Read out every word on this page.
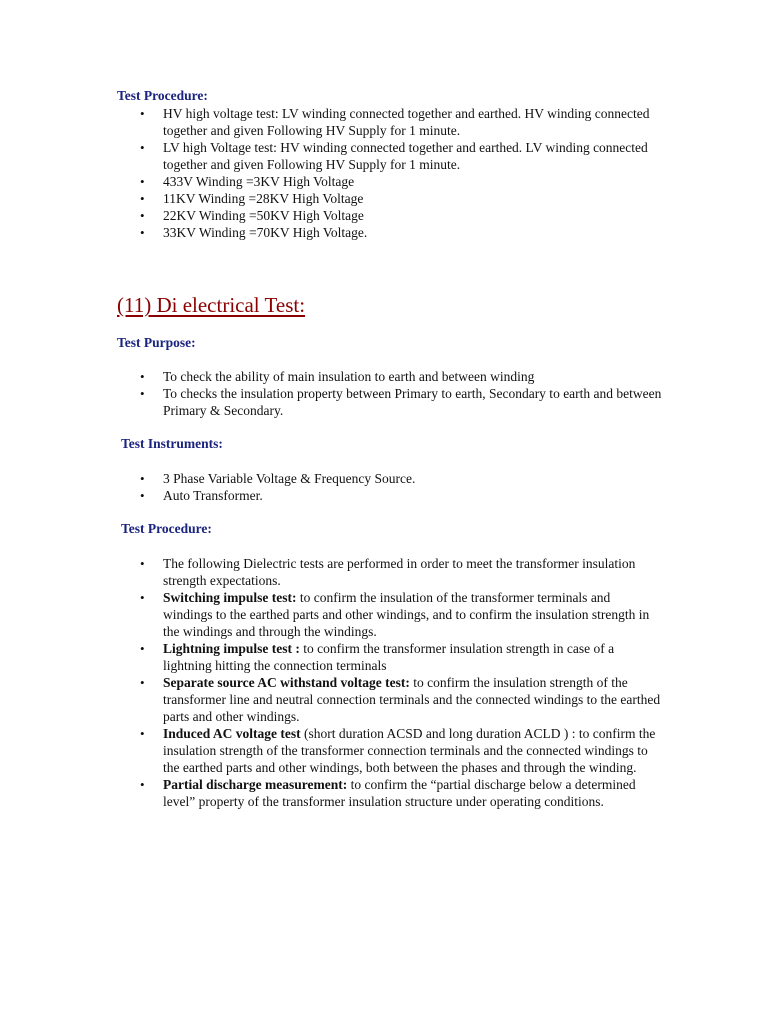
Test Procedure:

• HV high voltage test: LV winding connected together and earthed. HV winding connected together and given Following HV Supply for 1 minute.
• LV high Voltage test: HV winding connected together and earthed. LV winding connected together and given Following HV Supply for 1 minute.
• 433V Winding =3KV High Voltage
• 11KV Winding =28KV High Voltage
• 22KV Winding =50KV High Voltage
• 33KV Winding =70KV High Voltage.
(11) Di electrical Test:

Test Purpose:

• To check the ability of main insulation to earth and between winding
• To checks the insulation property between Primary to earth, Secondary to earth and between Primary & Secondary.

Test Instruments:

• 3 Phase Variable Voltage & Frequency Source.
• Auto Transformer.

Test Procedure:

• The following Dielectric tests are performed in order to meet the transformer insulation strength expectations.
• Switching impulse test: to confirm the insulation of the transformer terminals and windings to the earthed parts and other windings, and to confirm the insulation strength in the windings and through the windings.
• Lightning impulse test : to confirm the transformer insulation strength in case of a lightning hitting the connection terminals
• Separate source AC withstand voltage test: to confirm the insulation strength of the transformer line and neutral connection terminals and the connected windings to the earthed parts and other windings.
• Induced AC voltage test (short duration ACSD and long duration ACLD ) : to confirm the insulation strength of the transformer connection terminals and the connected windings to the earthed parts and other windings, both between the phases and through the winding.
• Partial discharge measurement: to confirm the “partial discharge below a determined level” property of the transformer insulation structure under operating conditions.
